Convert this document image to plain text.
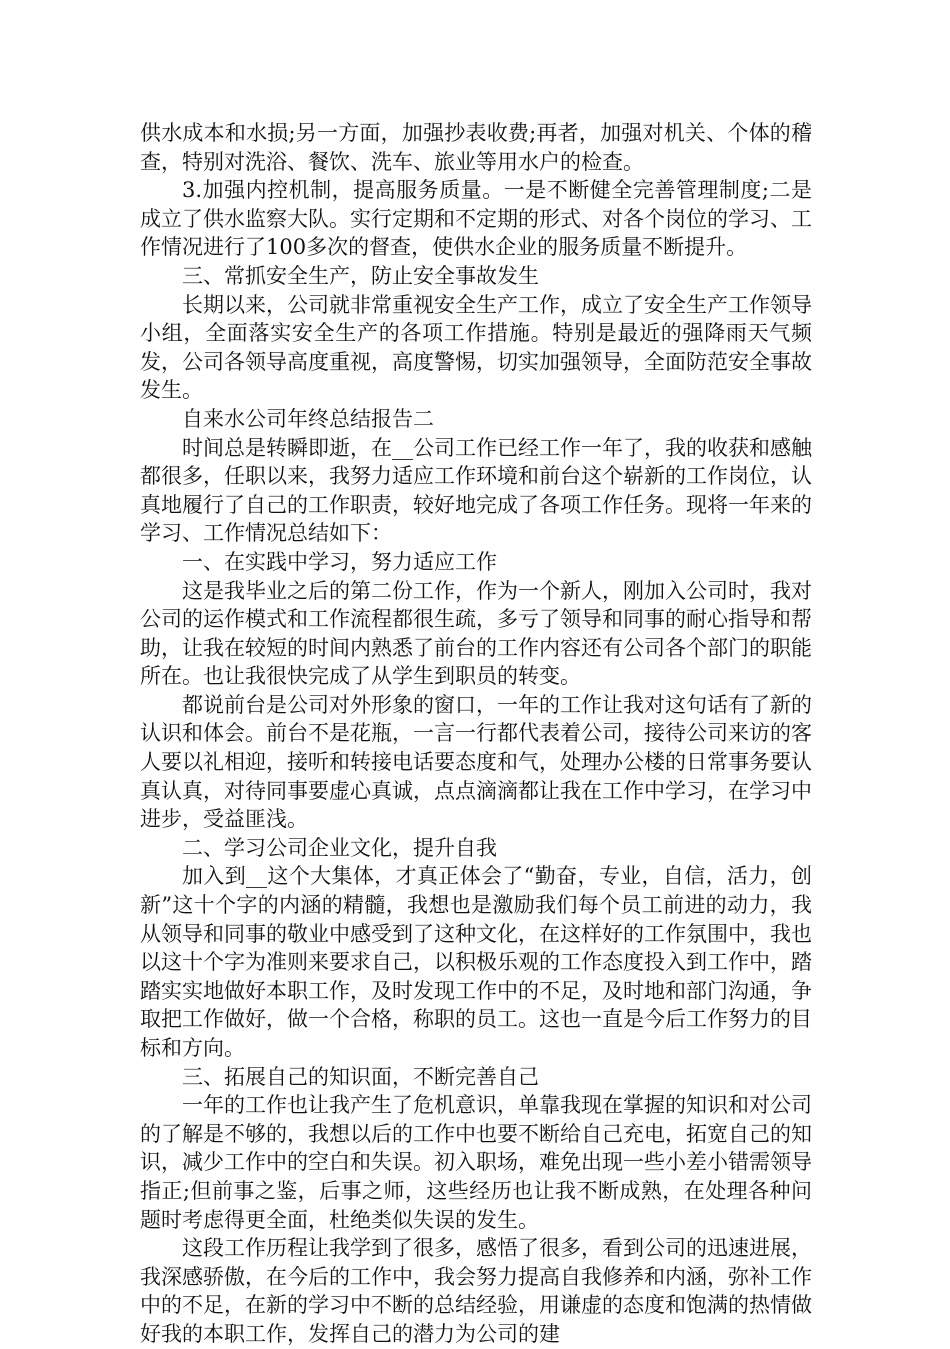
供水成本和水损;另一方面，加强抄表收费;再者，加强对机关、个体的稽查，特别对洗浴、餐饮、洗车、旅业等用水户的检查。

3.加强内控机制，提高服务质量。一是不断健全完善管理制度;二是成立了供水监察大队。实行定期和不定期的形式、对各个岗位的学习、工作情况进行了100多次的督查，使供水企业的服务质量不断提升。

三、常抓安全生产，防止安全事故发生

长期以来，公司就非常重视安全生产工作，成立了安全生产工作领导小组，全面落实安全生产的各项工作措施。特别是最近的强降雨天气频发，公司各领导高度重视，高度警惕，切实加强领导，全面防范安全事故发生。

自来水公司年终总结报告二

时间总是转瞬即逝，在__公司工作已经工作一年了，我的收获和感触都很多，任职以来，我努力适应工作环境和前台这个崭新的工作岗位，认真地履行了自己的工作职责，较好地完成了各项工作任务。现将一年来的学习、工作情况总结如下：

一、在实践中学习，努力适应工作

这是我毕业之后的第二份工作，作为一个新人，刚加入公司时，我对公司的运作模式和工作流程都很生疏，多亏了领导和同事的耐心指导和帮助，让我在较短的时间内熟悉了前台的工作内容还有公司各个部门的职能所在。也让我很快完成了从学生到职员的转变。

都说前台是公司对外形象的窗口，一年的工作让我对这句话有了新的认识和体会。前台不是花瓶，一言一行都代表着公司，接待公司来访的客人要以礼相迎，接听和转接电话要态度和气，处理办公楼的日常事务要认真认真，对待同事要虚心真诚，点点滴滴都让我在工作中学习，在学习中进步，受益匪浅。

二、学习公司企业文化，提升自我

加入到__这个大集体，才真正体会了“勤奋，专业，自信，活力，创新”这十个字的内涵的精髓，我想也是激励我们每个员工前进的动力，我从领导和同事的敬业中感受到了这种文化，在这样好的工作氛围中，我也以这十个字为准则来要求自己，以积极乐观的工作态度投入到工作中，踏踏实实地做好本职工作，及时发现工作中的不足，及时地和部门沟通，争取把工作做好，做一个合格，称职的员工。这也一直是今后工作努力的目标和方向。

三、拓展自己的知识面，不断完善自己

一年的工作也让我产生了危机意识，单靠我现在掌握的知识和对公司的了解是不够的，我想以后的工作中也要不断给自己充电，拓宽自己的知识，减少工作中的空白和失误。初入职场，难免出现一些小差小错需领导指正;但前事之鉴，后事之师，这些经历也让我不断成熟，在处理各种问题时考虑得更全面，杜绝类似失误的发生。

这段工作历程让我学到了很多，感悟了很多，看到公司的迅速进展，我深感骄傲，在今后的工作中，我会努力提高自我修养和内涵，弥补工作中的不足，在新的学习中不断的总结经验，用谦虚的态度和饱满的热情做好我的本职工作，发挥自己的潜力为公司的建
